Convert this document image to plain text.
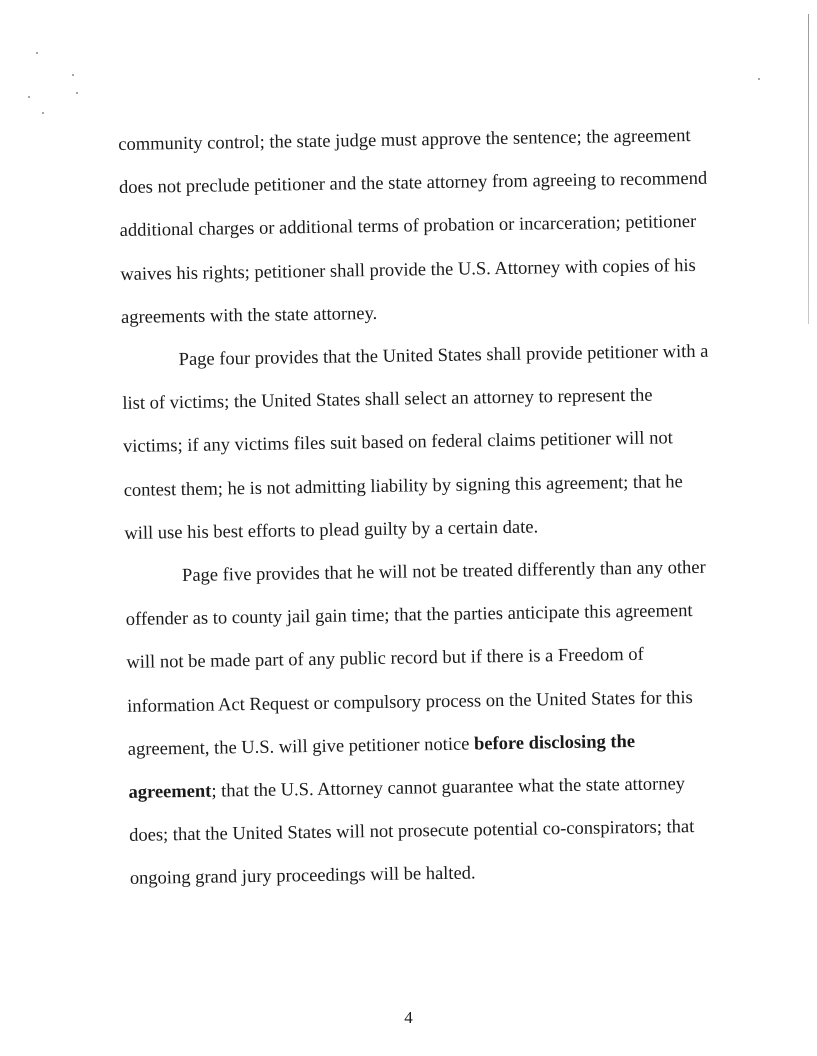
community control; the state judge must approve the sentence; the agreement does not preclude petitioner and the state attorney from agreeing to recommend additional charges or additional terms of probation or incarceration; petitioner waives his rights; petitioner shall provide the U.S. Attorney with copies of his agreements with the state attorney.

Page four provides that the United States shall provide petitioner with a list of victims; the United States shall select an attorney to represent the victims; if any victims files suit based on federal claims petitioner will not contest them; he is not admitting liability by signing this agreement; that he will use his best efforts to plead guilty by a certain date.

Page five provides that he will not be treated differently than any other offender as to county jail gain time; that the parties anticipate this agreement will not be made part of any public record but if there is a Freedom of information Act Request or compulsory process on the United States for this agreement, the U.S. will give petitioner notice before disclosing the agreement; that the U.S. Attorney cannot guarantee what the state attorney does; that the United States will not prosecute potential co-conspirators; that ongoing grand jury proceedings will be halted.

4
